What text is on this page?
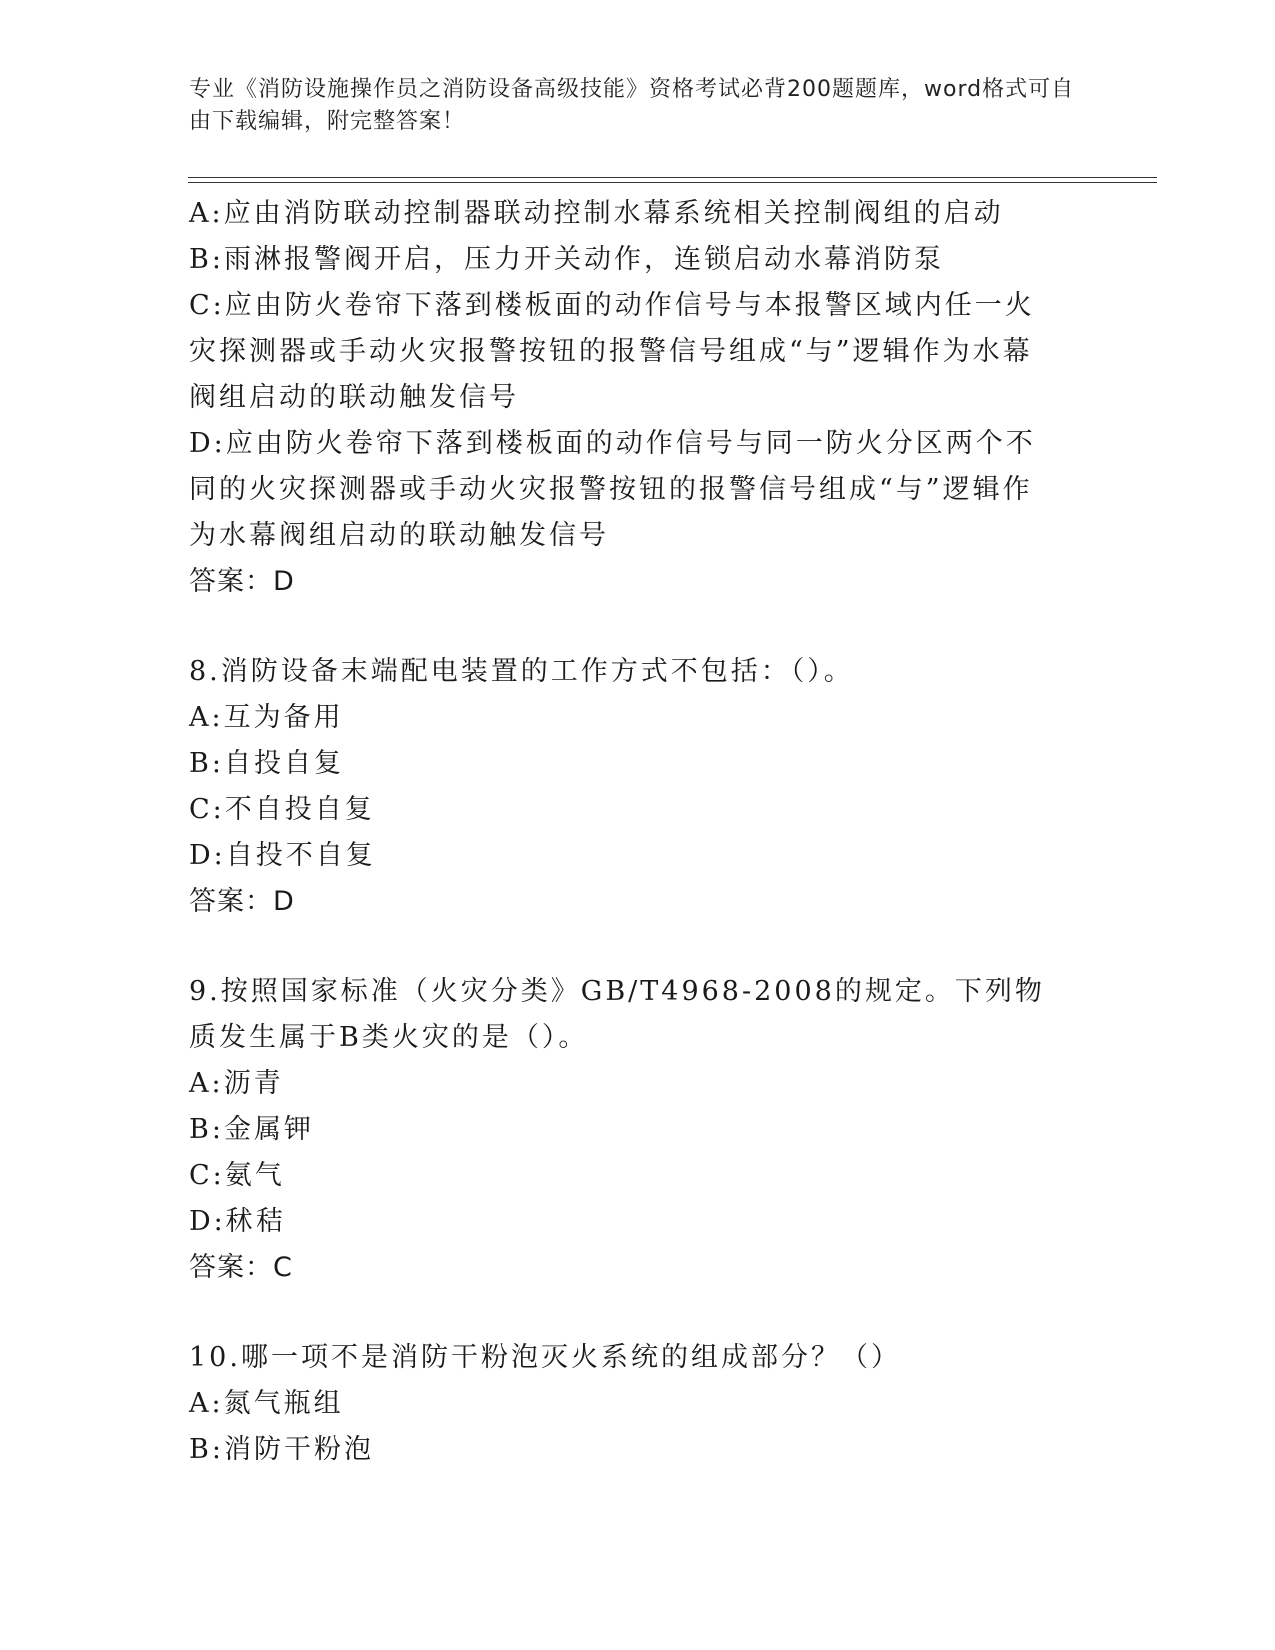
专业《消防设施操作员之消防设备高级技能》资格考试必背200题题库，word格式可自由下载编辑，附完整答案！
A:应由消防联动控制器联动控制水幕系统相关控制阀组的启动
B:雨淋报警阀开启，压力开关动作，连锁启动水幕消防泵
C:应由防火卷帘下落到楼板面的动作信号与本报警区域内任一火灾探测器或手动火灾报警按钮的报警信号组成“与”逻辑作为水幕阀组启动的联动触发信号
D:应由防火卷帘下落到楼板面的动作信号与同一防火分区两个不同的火灾探测器或手动火灾报警按钮的报警信号组成“与”逻辑作为水幕阀组启动的联动触发信号
答案：D
8.消防设备末端配电装置的工作方式不包括：（）。
A:互为备用
B:自投自复
C:不自投自复
D:自投不自复
答案：D
9.按照国家标准（火灾分类》GB/T4968-2008的规定。下列物质发生属于B类火灾的是（）。
A:沥青
B:金属钾
C:氨气
D:秫秸
答案：C
10.哪一项不是消防干粉泡灭火系统的组成部分？（）
A:氮气瓶组
B:消防干粉泡
